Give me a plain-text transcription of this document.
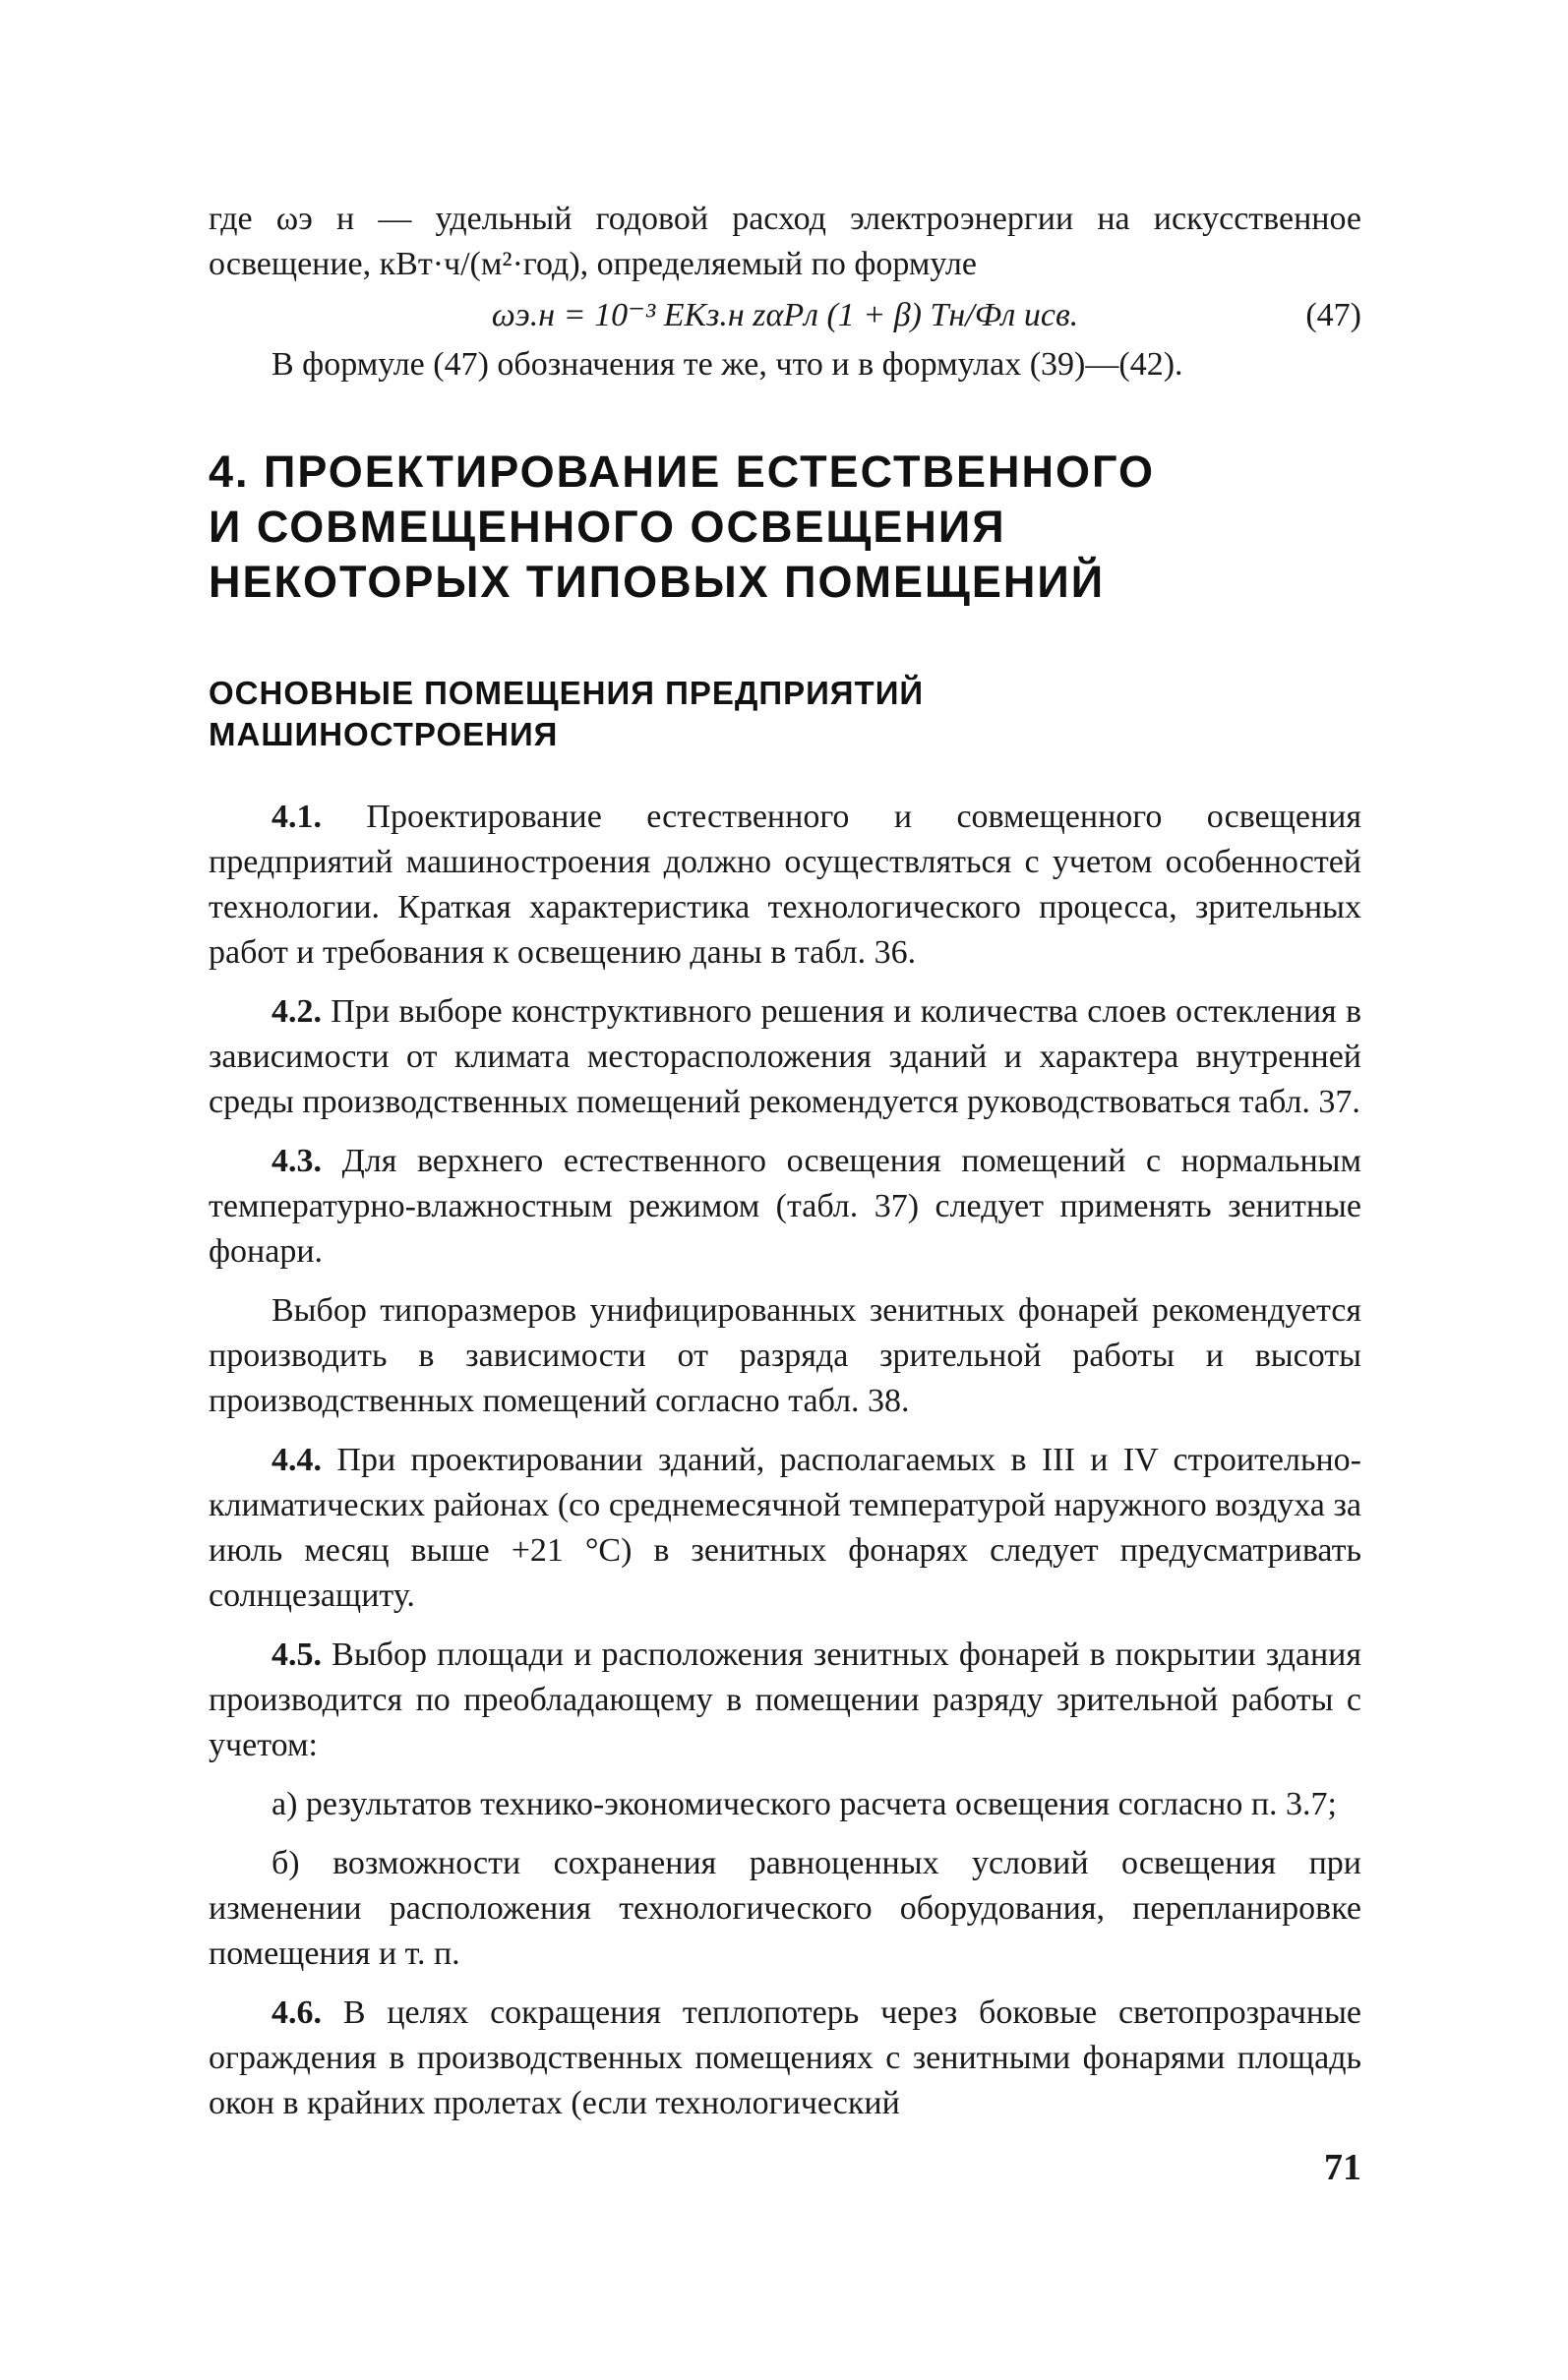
где ωэ н — удельный годовой расход электроэнергии на искусственное освещение, кВт·ч/(м²·год), определяемый по формуле

ωэ.н = 10⁻³ EKз.н zαPл (1 + β) Tн/Фл uсв.	(47)

В формуле (47) обозначения те же, что и в формулах (39)—(42).

4. ПРОЕКТИРОВАНИЕ ЕСТЕСТВЕННОГО И СОВМЕЩЕННОГО ОСВЕЩЕНИЯ НЕКОТОРЫХ ТИПОВЫХ ПОМЕЩЕНИЙ
ОСНОВНЫЕ ПОМЕЩЕНИЯ ПРЕДПРИЯТИЙ МАШИНОСТРОЕНИЯ

4.1. Проектирование естественного и совмещенного освещения предприятий машиностроения должно осуществляться с учетом особенностей технологии. Краткая характеристика технологического процесса, зрительных работ и требования к освещению даны в табл. 36.

4.2. При выборе конструктивного решения и количества слоев остекления в зависимости от климата месторасположения зданий и характера внутренней среды производственных помещений рекомендуется руководствоваться табл. 37.

4.3. Для верхнего естественного освещения помещений с нормальным температурно-влажностным режимом (табл. 37) следует применять зенитные фонари.

Выбор типоразмеров унифицированных зенитных фонарей рекомендуется производить в зависимости от разряда зрительной работы и высоты производственных помещений согласно табл. 38.

4.4. При проектировании зданий, располагаемых в III и IV строительно-климатических районах (со среднемесячной температурой наружного воздуха за июль месяц выше +21 °С) в зенитных фонарях следует предусматривать солнцезащиту.

4.5. Выбор площади и расположения зенитных фонарей в покрытии здания производится по преобладающему в помещении разряду зрительной работы с учетом:

а) результатов технико-экономического расчета освещения согласно п. 3.7;

б) возможности сохранения равноценных условий освещения при изменении расположения технологического оборудования, перепланировке помещения и т. п.

4.6. В целях сокращения теплопотерь через боковые светопрозрачные ограждения в производственных помещениях с зенитными фонарями площадь окон в крайних пролетах (если технологический

71
